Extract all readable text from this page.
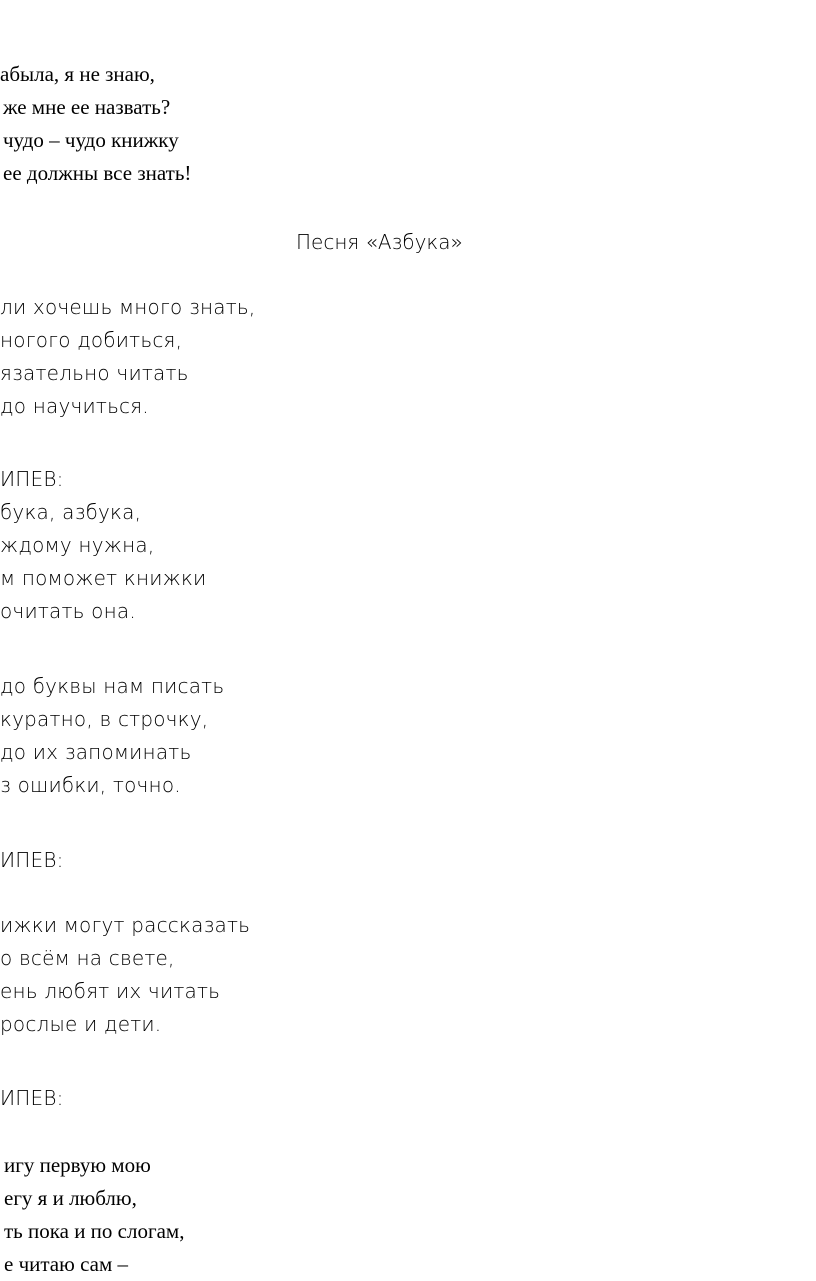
абыла, я не знаю,
же мне ее назвать?
чудо – чудо книжку
ее должны все знать!
Песня «Азбука»
ли хочешь много знать,
ногого добиться,
язательно читать
до научиться.
ИПЕВ:
бука, азбука,
ждому нужна,
м поможет книжки
очитать она.
до буквы нам писать
куратно, в строчку,
до их запоминать
з ошибки, точно.
ИПЕВ:
ижки могут рассказать
о всём на свете,
ень любят их читать
рослые и дети.
ИПЕВ:
игу первую мою
егу я и люблю,
ть пока и по слогам,
е читаю сам –
